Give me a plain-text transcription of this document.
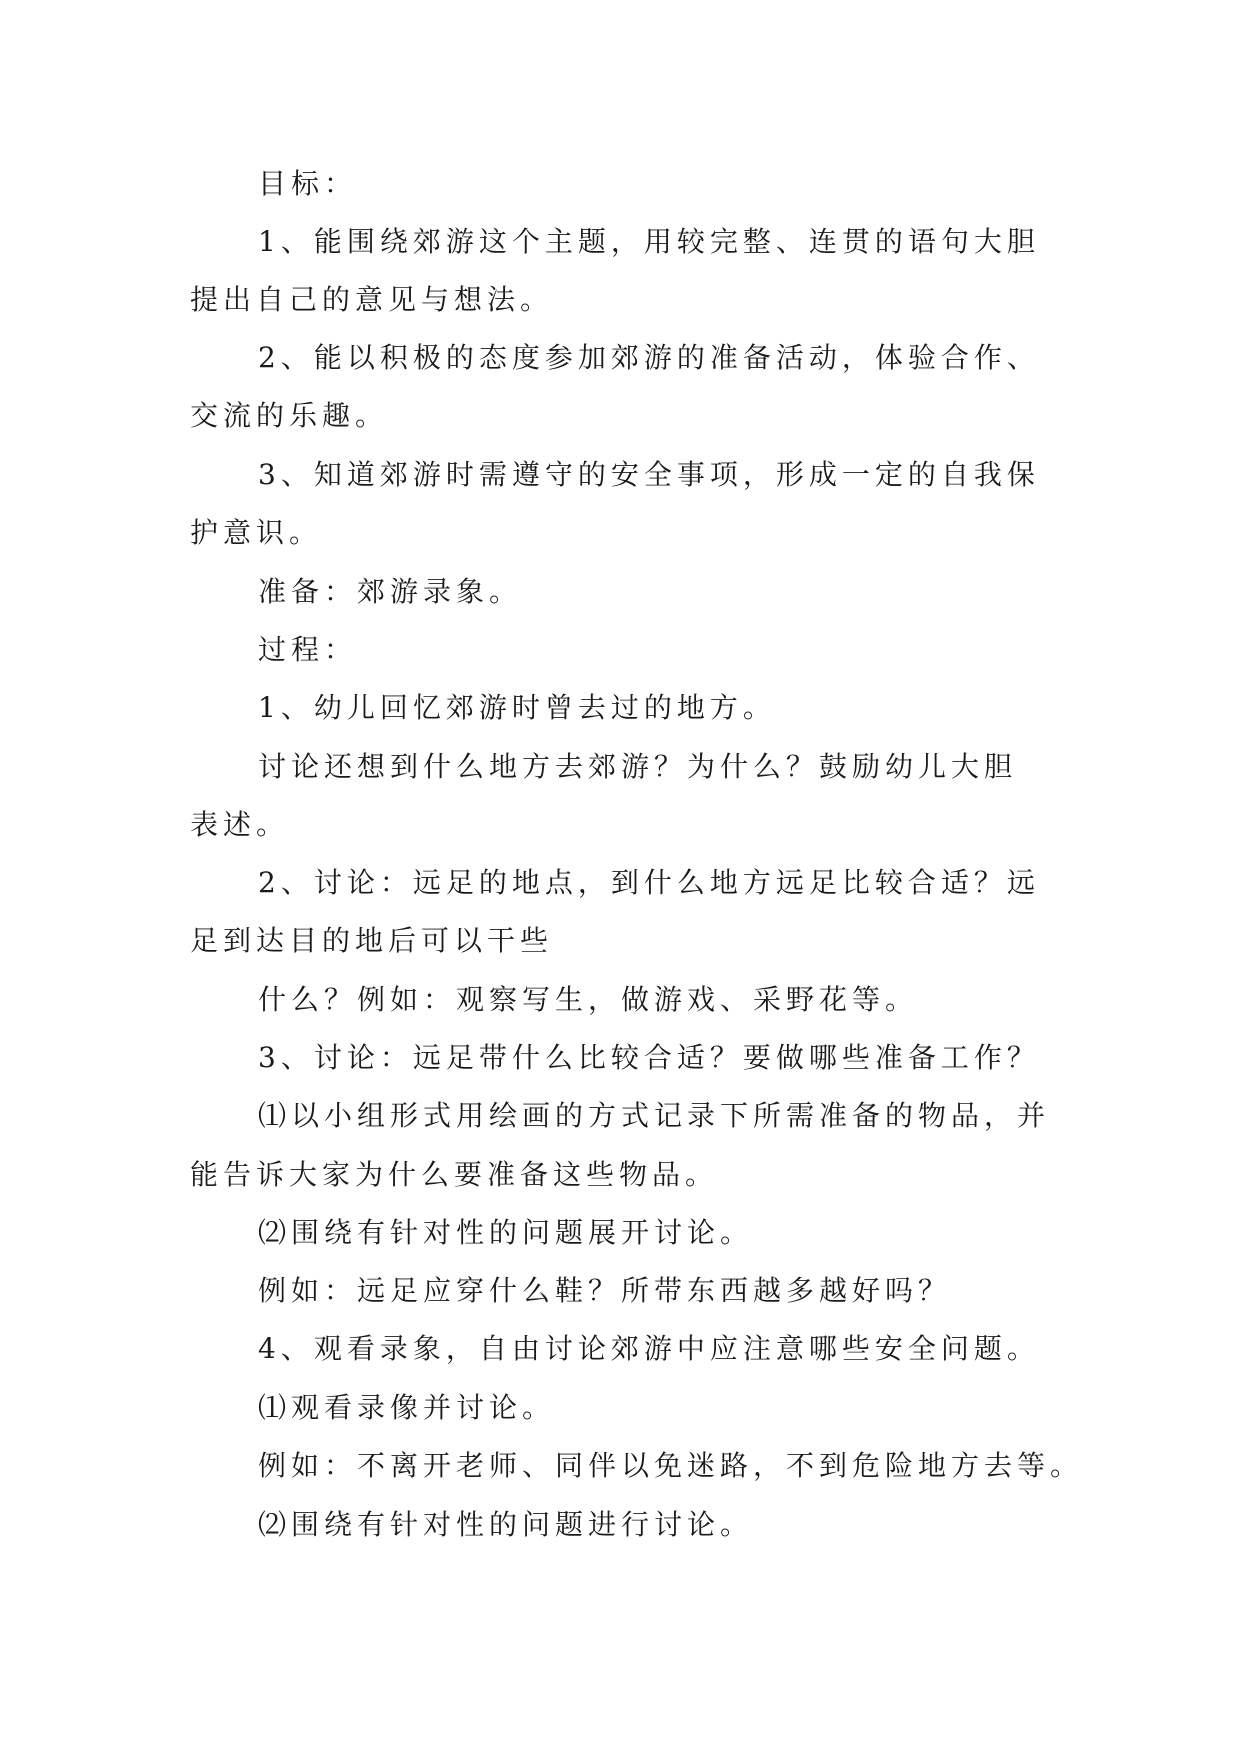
目标：
1、能围绕郊游这个主题，用较完整、连贯的语句大胆
提出自己的意见与想法。
2、能以积极的态度参加郊游的准备活动，体验合作、
交流的乐趣。
3、知道郊游时需遵守的安全事项，形成一定的自我保
护意识。
准备：郊游录象。
过程：
1、幼儿回忆郊游时曾去过的地方。
讨论还想到什么地方去郊游？为什么？鼓励幼儿大胆
表述。
2、讨论：远足的地点，到什么地方远足比较合适？远
足到达目的地后可以干些
什么？例如：观察写生，做游戏、采野花等。
3、讨论：远足带什么比较合适？要做哪些准备工作？
⑴以小组形式用绘画的方式记录下所需准备的物品，并
能告诉大家为什么要准备这些物品。
⑵围绕有针对性的问题展开讨论。
例如：远足应穿什么鞋？所带东西越多越好吗？
4、观看录象，自由讨论郊游中应注意哪些安全问题。
⑴观看录像并讨论。
例如：不离开老师、同伴以免迷路，不到危险地方去等。
⑵围绕有针对性的问题进行讨论。
